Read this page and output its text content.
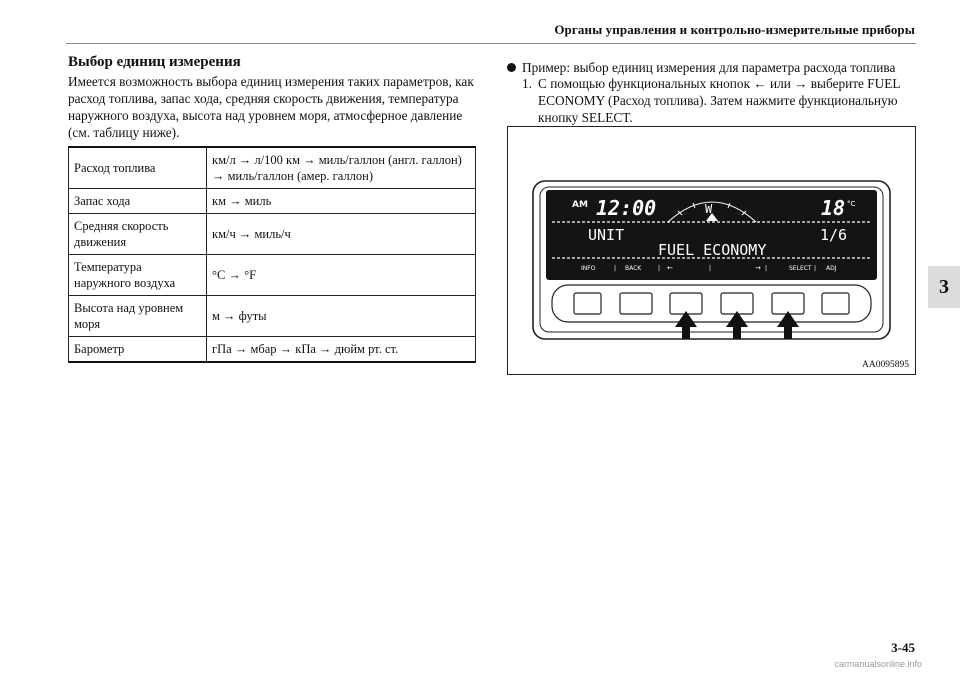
Органы управления и контрольно-измерительные приборы
3
Выбор единиц измерения

Имеется возможность выбора единиц измерения таких параметров, как расход топлива, запас хода, средняя скорость движения, температура наружного воздуха, высота над уровнем моря, атмосферное давление (см. таблицу ниже).

Расход топлива	км/л → л/100 км → миль/галлон (англ. галлон) → миль/галлон (амер. галлон)
Запас хода	км → миль
Средняя скорость движения	км/ч → миль/ч
Температура наружного воздуха	°C → °F
Высота над уровнем моря	м → футы
Барометр	гПа → мбар → кПа → дюйм рт. ст.
Пример: выбор единиц измерения для параметра расхода топлива
1. С помощью функциональных кнопок ← или → выберите FUEL ECONOMY (Расход топлива). Затем нажмите функциональную кнопку SELECT.
AM 12:00	W	18 °C
UNIT	1/6
FUEL ECONOMY
INFO	BACK	←	→	SELECT ADJ
|	|	|	|	|
AA0095895
3-45
carmanualsonline.info
